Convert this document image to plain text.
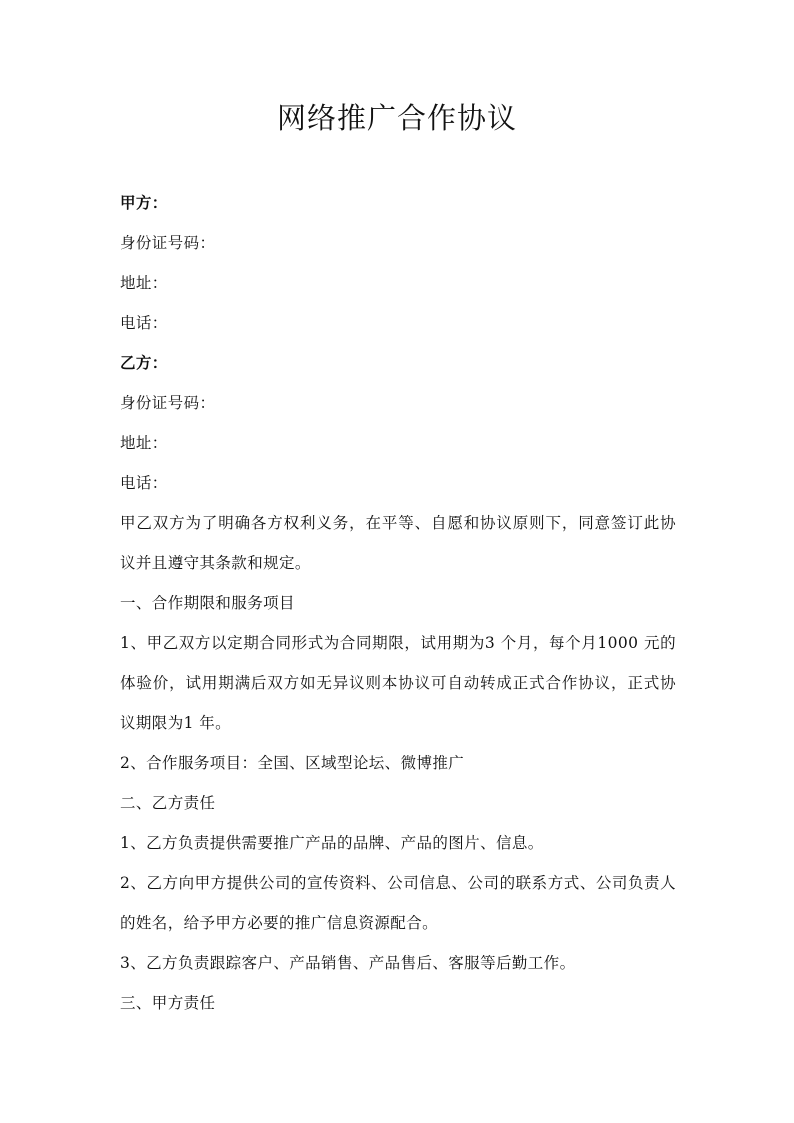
网络推广合作协议

甲方：

身份证号码：

地址：

电话：

乙方：

身份证号码：

地址：

电话：

甲乙双方为了明确各方权利义务，在平等、自愿和协议原则下，同意签订此协议并且遵守其条款和规定。

一、合作期限和服务项目

1、甲乙双方以定期合同形式为合同期限，试用期为3 个月，每个月1000 元的体验价，试用期满后双方如无异议则本协议可自动转成正式合作协议，正式协议期限为1 年。

2、合作服务项目：全国、区域型论坛、微博推广

二、乙方责任

1、乙方负责提供需要推广产品的品牌、产品的图片、信息。

2、乙方向甲方提供公司的宣传资料、公司信息、公司的联系方式、公司负责人的姓名，给予甲方必要的推广信息资源配合。

3、乙方负责跟踪客户、产品销售、产品售后、客服等后勤工作。

三、甲方责任
